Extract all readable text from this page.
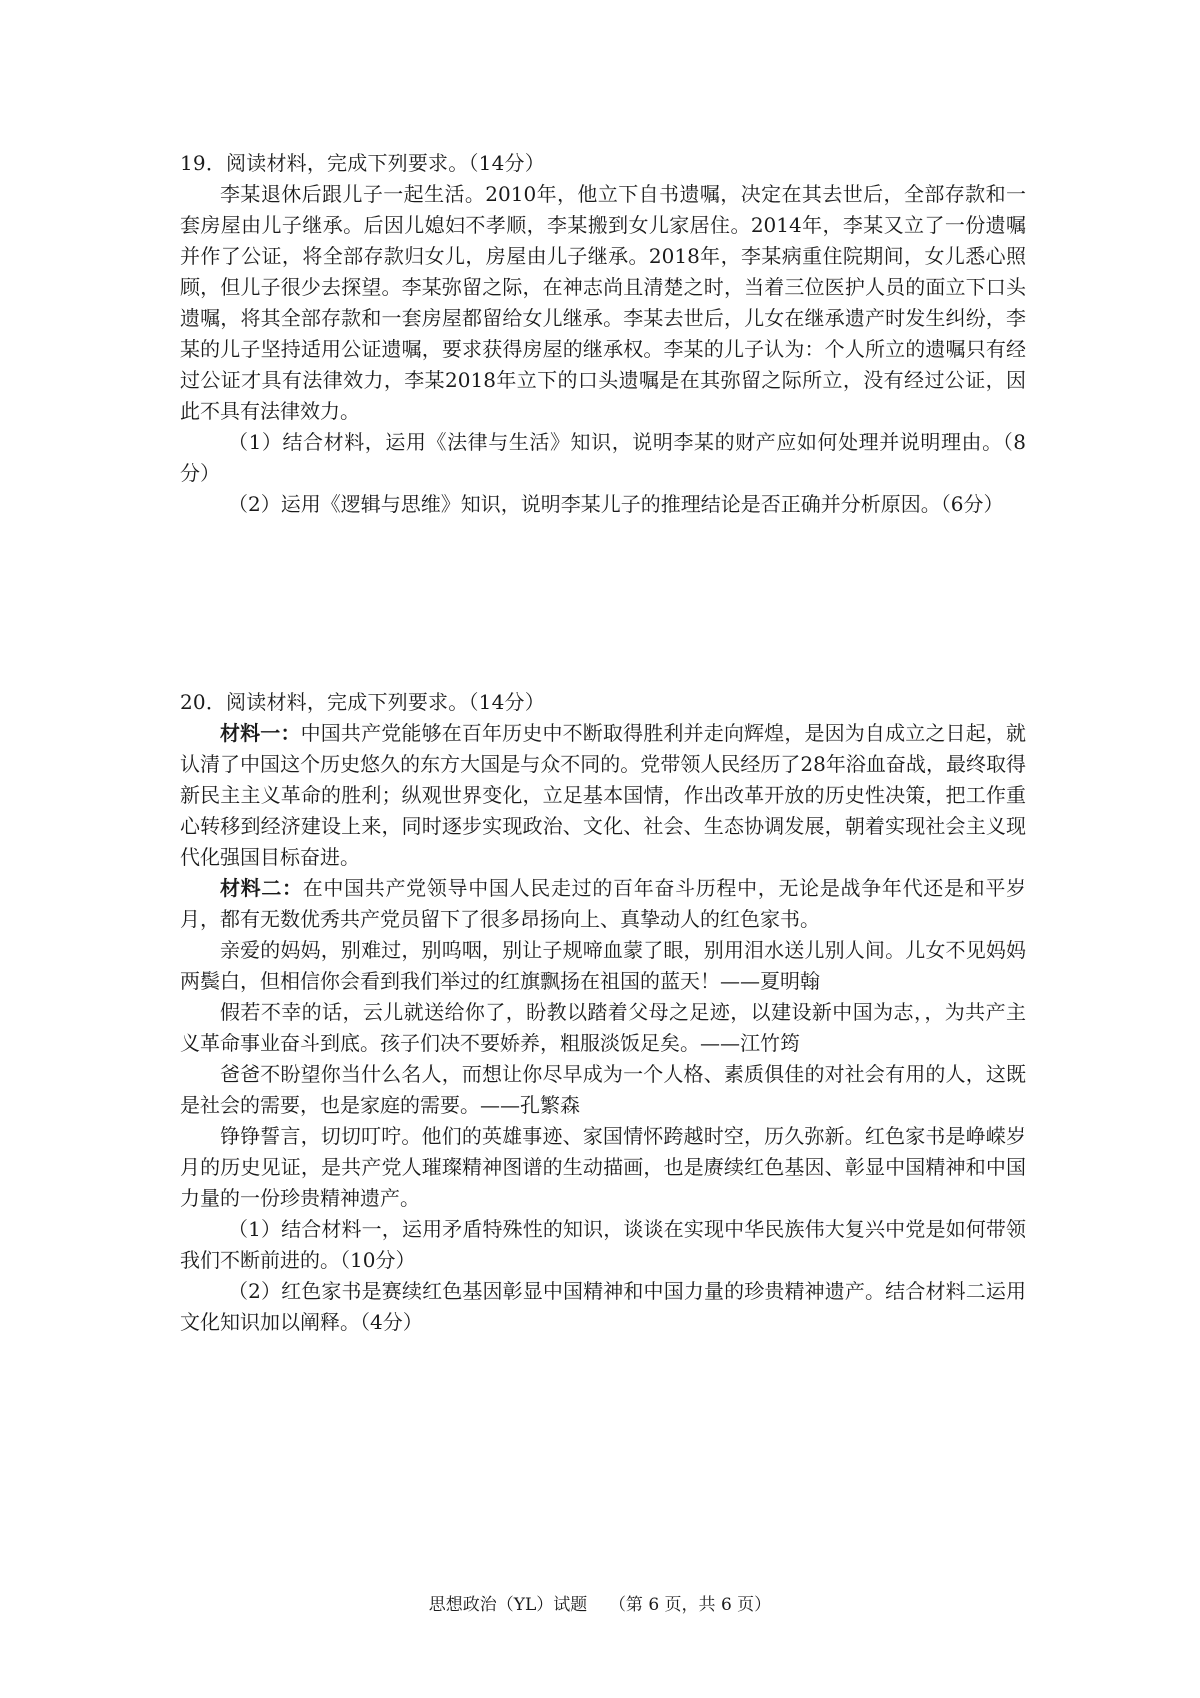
19．阅读材料，完成下列要求。（14分）

李某退休后跟儿子一起生活。2010年，他立下自书遗嘱，决定在其去世后，全部存款和一套房屋由儿子继承。后因儿媳妇不孝顺，李某搬到女儿家居住。2014年，李某又立了一份遗嘱并作了公证，将全部存款归女儿，房屋由儿子继承。2018年，李某病重住院期间，女儿悉心照顾，但儿子很少去探望。李某弥留之际，在神志尚且清楚之时，当着三位医护人员的面立下口头遗嘱，将其全部存款和一套房屋都留给女儿继承。李某去世后，儿女在继承遗产时发生纠纷，李某的儿子坚持适用公证遗嘱，要求获得房屋的继承权。李某的儿子认为：个人所立的遗嘱只有经过公证才具有法律效力，李某2018年立下的口头遗嘱是在其弥留之际所立，没有经过公证，因此不具有法律效力。

（1）结合材料，运用《法律与生活》知识，说明李某的财产应如何处理并说明理由。（8分）

（2）运用《逻辑与思维》知识，说明李某儿子的推理结论是否正确并分析原因。（6分）

20．阅读材料，完成下列要求。（14分）

材料一：中国共产党能够在百年历史中不断取得胜利并走向辉煌，是因为自成立之日起，就认清了中国这个历史悠久的东方大国是与众不同的。党带领人民经历了28年浴血奋战，最终取得新民主主义革命的胜利；纵观世界变化，立足基本国情，作出改革开放的历史性决策，把工作重心转移到经济建设上来，同时逐步实现政治、文化、社会、生态协调发展，朝着实现社会主义现代化强国目标奋进。

材料二：在中国共产党领导中国人民走过的百年奋斗历程中，无论是战争年代还是和平岁月，都有无数优秀共产党员留下了很多昂扬向上、真挚动人的红色家书。

亲爱的妈妈，别难过，别呜咽，别让子规啼血蒙了眼，别用泪水送儿别人间。儿女不见妈妈两鬓白，但相信你会看到我们举过的红旗飘扬在祖国的蓝天！——夏明翰

假若不幸的话，云儿就送给你了，盼教以踏着父母之足迹，以建设新中国为志，，为共产主义革命事业奋斗到底。孩子们决不要娇养，粗服淡饭足矣。——江竹筠

爸爸不盼望你当什么名人，而想让你尽早成为一个人格、素质俱佳的对社会有用的人，这既是社会的需要，也是家庭的需要。——孔繁森

铮铮誓言，切切叮咛。他们的英雄事迹、家国情怀跨越时空，历久弥新。红色家书是峥嵘岁月的历史见证，是共产党人璀璨精神图谱的生动描画，也是赓续红色基因、彰显中国精神和中国力量的一份珍贵精神遗产。

（1）结合材料一，运用矛盾特殊性的知识，谈谈在实现中华民族伟大复兴中党是如何带领我们不断前进的。（10分）

（2）红色家书是赛续红色基因彰显中国精神和中国力量的珍贵精神遗产。结合材料二运用文化知识加以阐释。（4分）

思想政治（YL）试题 （第 6 页，共 6 页）
